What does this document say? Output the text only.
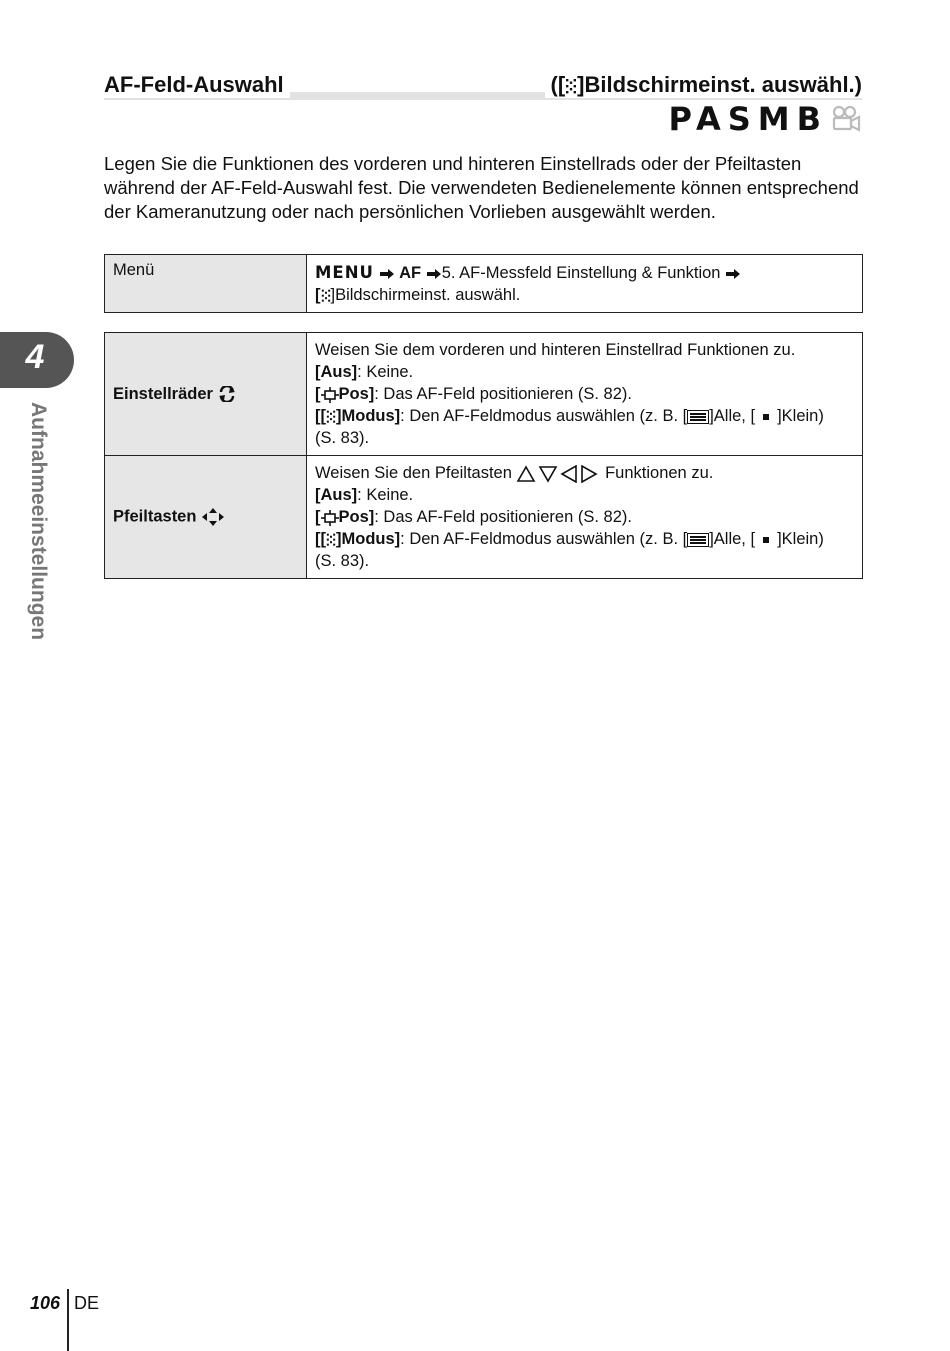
AF-Feld-Auswahl	([ ]Bildschirmeinst. auswähl.)
PASMB
Legen Sie die Funktionen des vorderen und hinteren Einstellrads oder der Pfeiltasten während der AF-Feld-Auswahl fest. Die verwendeten Bedienelemente können entsprechend der Kameranutzung oder nach persönlichen Vorlieben ausgewählt werden.
Menü	MENU AF 5. AF-Messfeld Einstellung & Funktion
[ ]Bildschirmeinst. auswähl.
Einstellräder	Weisen Sie dem vorderen und hinteren Einstellrad Funktionen zu.
[Aus]: Keine.
[ Pos]: Das AF-Feld positionieren (S. 82).
[[ ]Modus]: Den AF-Feldmodus auswählen (z. B. [ ]Alle, [ ]Klein)
(S. 83).

Pfeiltasten	Weisen Sie den Pfeiltasten Funktionen zu.
[Aus]: Keine.
[ Pos]: Das AF-Feld positionieren (S. 82).
[[ ]Modus]: Den AF-Feldmodus auswählen (z. B. [ ]Alle, [ ]Klein)
(S. 83).
4
Aufnahmeeinstellungen
106 DE
